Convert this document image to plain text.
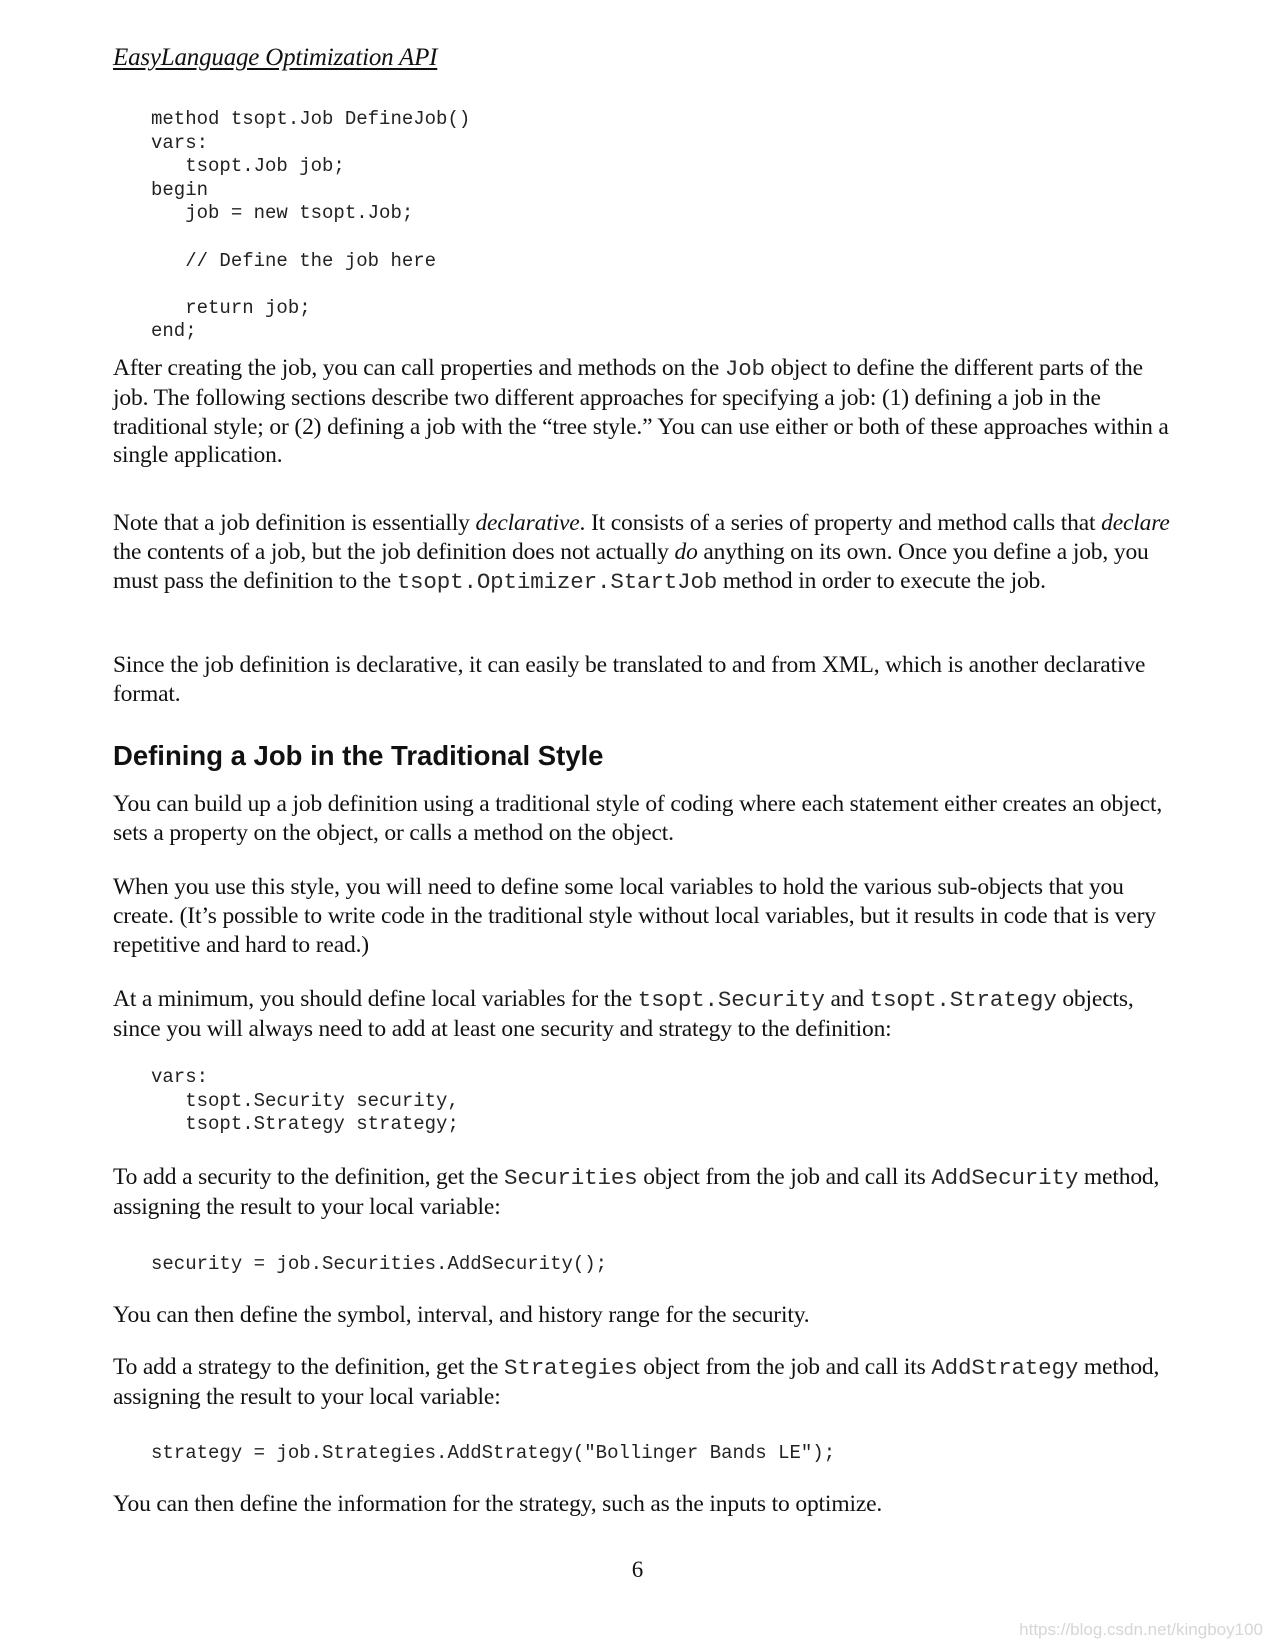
EasyLanguage Optimization API
method tsopt.Job DefineJob()
vars:
tsopt.Job job;
begin
job = new tsopt.Job;

// Define the job here

return job;
end;

After creating the job, you can call properties and methods on the Job object to define the different parts of the job. The following sections describe two different approaches for specifying a job: (1) defining a job in the traditional style; or (2) defining a job with the “tree style.” You can use either or both of these approaches within a single application.

Note that a job definition is essentially declarative. It consists of a series of property and method calls that declare the contents of a job, but the job definition does not actually do anything on its own. Once you define a job, you must pass the definition to the tsopt.Optimizer.StartJob method in order to execute the job.

Since the job definition is declarative, it can easily be translated to and from XML, which is another declarative format.

Defining a Job in the Traditional Style

You can build up a job definition using a traditional style of coding where each statement either creates an object, sets a property on the object, or calls a method on the object.

When you use this style, you will need to define some local variables to hold the various sub-objects that you create. (It’s possible to write code in the traditional style without local variables, but it results in code that is very repetitive and hard to read.)

At a minimum, you should define local variables for the tsopt.Security and tsopt.Strategy objects, since you will always need to add at least one security and strategy to the definition:

vars:
tsopt.Security security,
tsopt.Strategy strategy;

To add a security to the definition, get the Securities object from the job and call its AddSecurity method, assigning the result to your local variable:

security = job.Securities.AddSecurity();

You can then define the symbol, interval, and history range for the security.

To add a strategy to the definition, get the Strategies object from the job and call its AddStrategy method, assigning the result to your local variable:

strategy = job.Strategies.AddStrategy("Bollinger Bands LE");

You can then define the information for the strategy, such as the inputs to optimize.

6
https://blog.csdn.net/kingboy100
